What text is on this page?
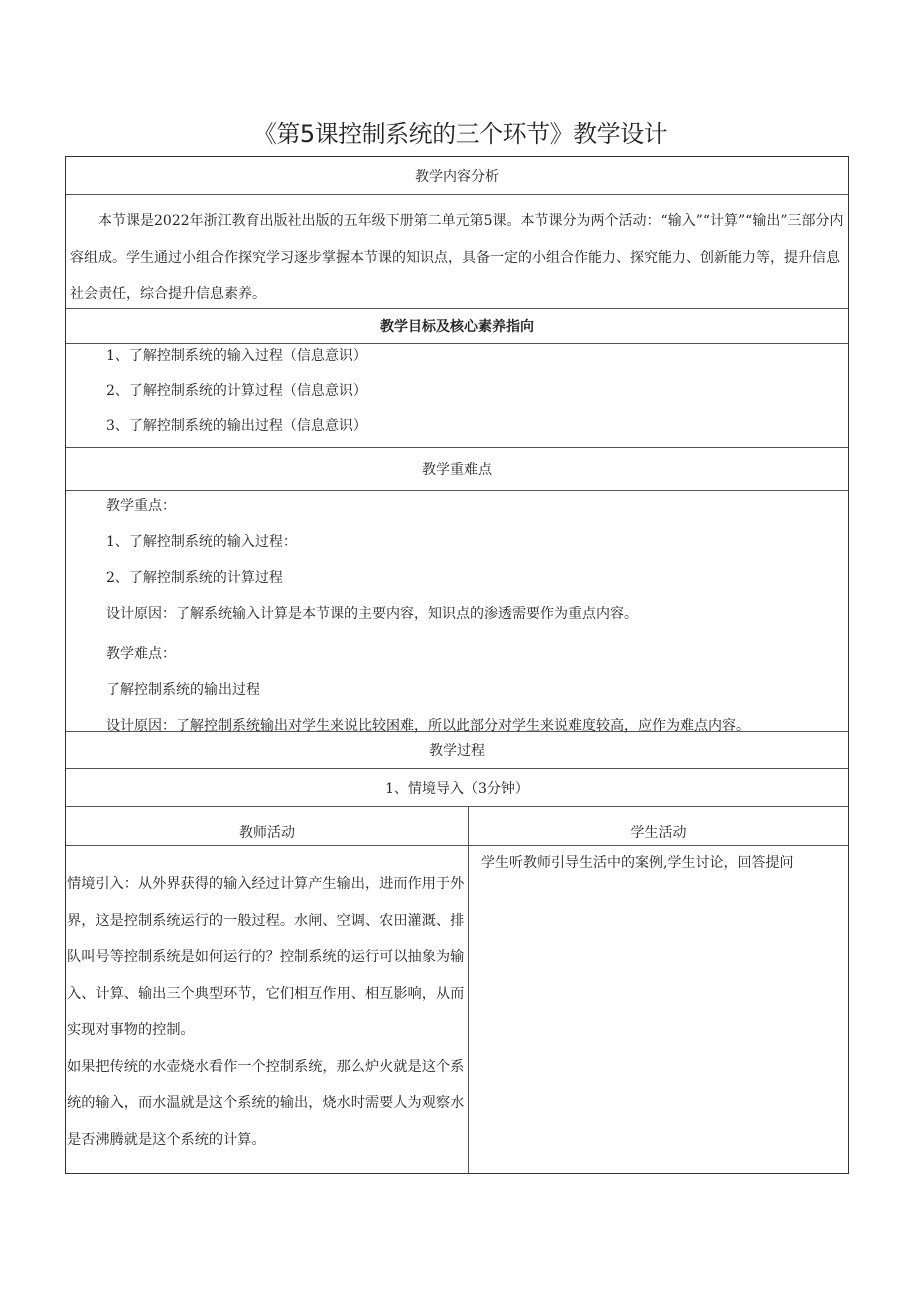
《第5课控制系统的三个环节》教学设计
教学内容分析

本节课是2022年浙江教育出版社出版的五年级下册第二单元第5课。本节课分为两个活动：“输入”“计算”“输出”三部分内容组成。学生通过小组合作探究学习逐步掌握本节课的知识点，具备一定的小组合作能力、探究能力、创新能力等，提升信息社会责任，综合提升信息素养。

教学目标及核心素养指向
1、了解控制系统的输入过程（信息意识）
2、了解控制系统的计算过程（信息意识）
3、了解控制系统的输出过程（信息意识）
教学重难点
教学重点：
1、了解控制系统的输入过程：
2、了解控制系统的计算过程
设计原因：了解系统输入计算是本节课的主要内容，知识点的渗透需要作为重点内容。
教学难点：
了解控制系统的输出过程
设计原因：了解控制系统输出对学生来说比较困难，所以此部分对学生来说难度较高，应作为难点内容。
教学过程
1、情境导入（3分钟）
教师活动	学生活动

情境引入：从外界获得的输入经过计算产生输出，进而作用于外界，这是控制系统运行的一般过程。水闸、空调、农田灌溉、排队叫号等控制系统是如何运行的？控制系统的运行可以抽象为输入、计算、输出三个典型环节，它们相互作用、相互影响，从而实现对事物的控制。

如果把传统的水壶烧水看作一个控制系统，那么炉火就是这个系统的输入，而水温就是这个系统的输出，烧水时需要人为观察水是否沸腾就是这个系统的计算。

学生听教师引导生活中的案例,学生讨论，回答提问
